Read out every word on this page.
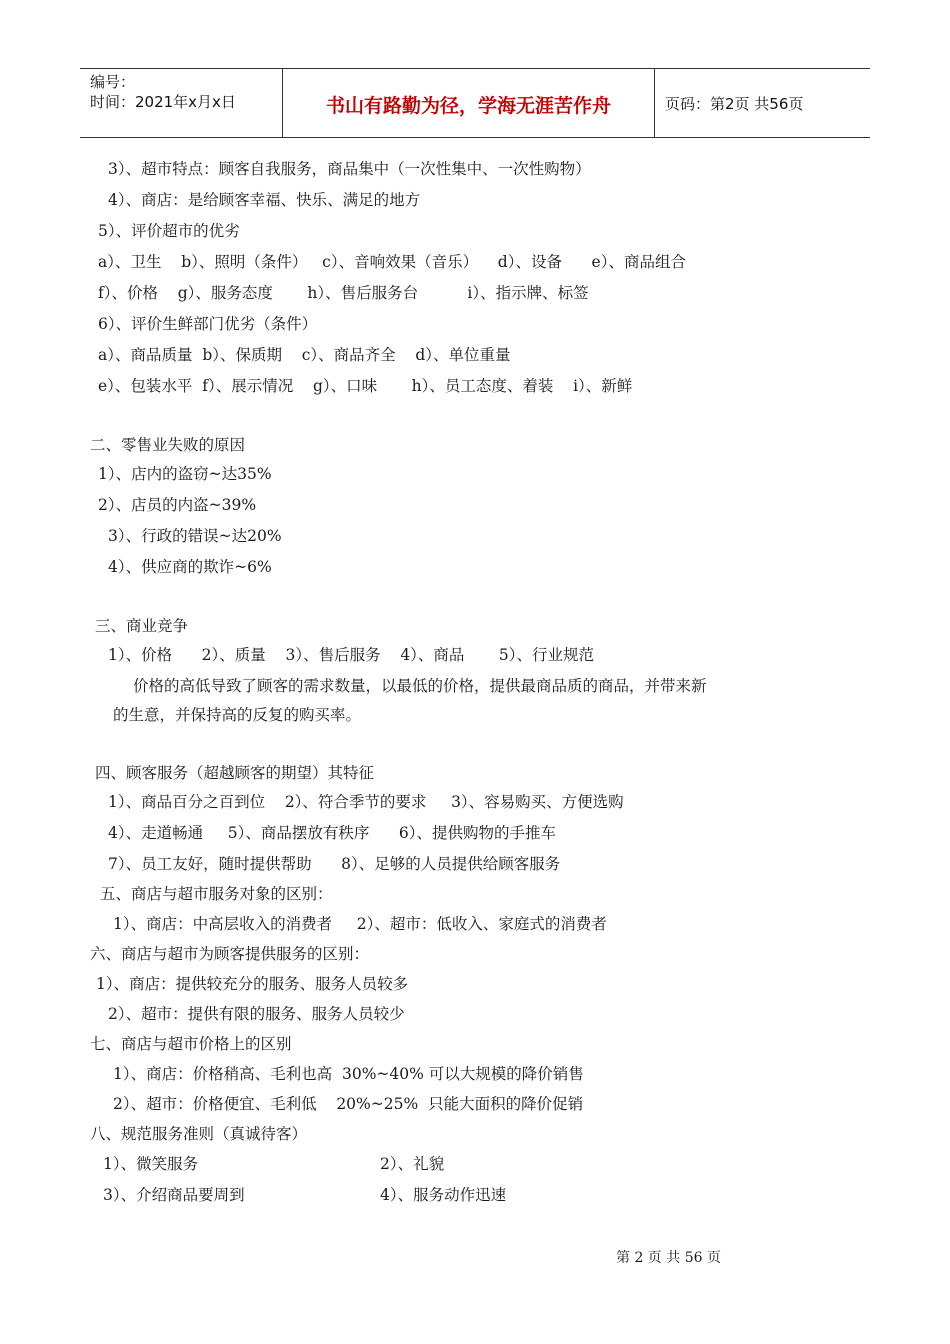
编号：
时间：2021年x月x日	书山有路勤为径，学海无涯苦作舟	页码：第2页 共56页
3）、超市特点：顾客自我服务，商品集中（一次性集中、一次性购物）
4）、商店：是给顾客幸福、快乐、满足的地方
5）、评价超市的优劣
a）、卫生    b）、照明（条件）   c）、音响效果（音乐）    d）、设备      e）、商品组合
f）、价格    g）、服务态度       h）、售后服务台          i）、指示牌、标签
6）、评价生鲜部门优劣（条件）
a）、商品质量  b）、保质期    c）、商品齐全    d）、单位重量
e）、包装水平  f）、展示情况    g）、口味       h）、员工态度、着装    i）、新鲜
二、零售业失败的原因
1）、店内的盗窃~达35%
2）、店员的内盗~39%
3）、行政的错误~达20%
4）、供应商的欺诈~6%
三、商业竞争
1）、价格      2）、质量    3）、售后服务    4）、商品       5）、行业规范
价格的高低导致了顾客的需求数量，以最低的价格，提供最商品质的商品，并带来新
的生意，并保持高的反复的购买率。
四、顾客服务（超越顾客的期望）其特征
1）、商品百分之百到位    2）、符合季节的要求     3）、容易购买、方便选购
4）、走道畅通     5）、商品摆放有秩序      6）、提供购物的手推车
7）、员工友好，随时提供帮助      8）、足够的人员提供给顾客服务
五、商店与超市服务对象的区别：
1）、商店：中高层收入的消费者     2）、超市：低收入、家庭式的消费者
六、商店与超市为顾客提供服务的区别：
1）、商店：提供较充分的服务、服务人员较多
2）、超市：提供有限的服务、服务人员较少
七、商店与超市价格上的区别
1）、商店：价格稍高、毛利也高  30%~40% 可以大规模的降价销售
2）、超市：价格便宜、毛利低    20%~25%  只能大面积的降价促销
八、规范服务准则（真诚待客）
1）、微笑服务	2）、礼貌
3）、介绍商品要周到	4）、服务动作迅速
第 2 页 共 56 页
